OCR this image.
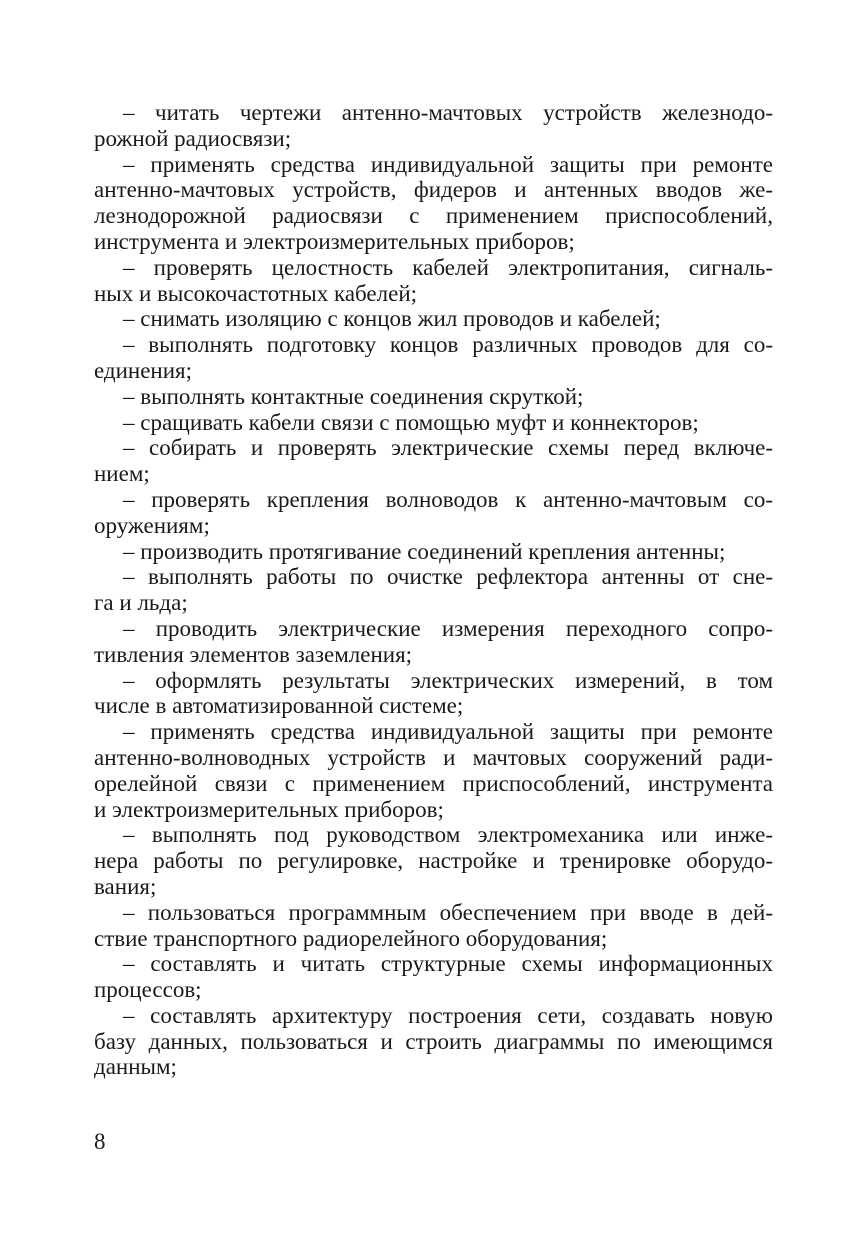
– читать чертежи антенно-мачтовых устройств железнодо-
рожной радиосвязи;

– применять средства индивидуальной защиты при ремонте
антенно-мачтовых устройств, фидеров и антенных вводов же-
лезнодорожной радиосвязи с применением приспособлений,
инструмента и электроизмерительных приборов;

– проверять целостность кабелей электропитания, сигналь-
ных и высокочастотных кабелей;

– снимать изоляцию с концов жил проводов и кабелей;

– выполнять подготовку концов различных проводов для со-
единения;

– выполнять контактные соединения скруткой;

– сращивать кабели связи с помощью муфт и коннекторов;

– собирать и проверять электрические схемы перед включе-
нием;

– проверять крепления волноводов к антенно-мачтовым со-
оружениям;

– производить протягивание соединений крепления антенны;

– выполнять работы по очистке рефлектора антенны от сне-
га и льда;

– проводить электрические измерения переходного сопро-
тивления элементов заземления;

– оформлять результаты электрических измерений, в том
числе в автоматизированной системе;

– применять средства индивидуальной защиты при ремонте
антенно-волноводных устройств и мачтовых сооружений ради-
орелейной связи с применением приспособлений, инструмента
и электроизмерительных приборов;

– выполнять под руководством электромеханика или инже-
нера работы по регулировке, настройке и тренировке оборудо-
вания;

– пользоваться программным обеспечением при вводе в дей-
ствие транспортного радиорелейного оборудования;

– составлять и читать структурные схемы информационных
процессов;

– составлять архитектуру построения сети, создавать новую
базу данных, пользоваться и строить диаграммы по имеющимся
данным;

8
